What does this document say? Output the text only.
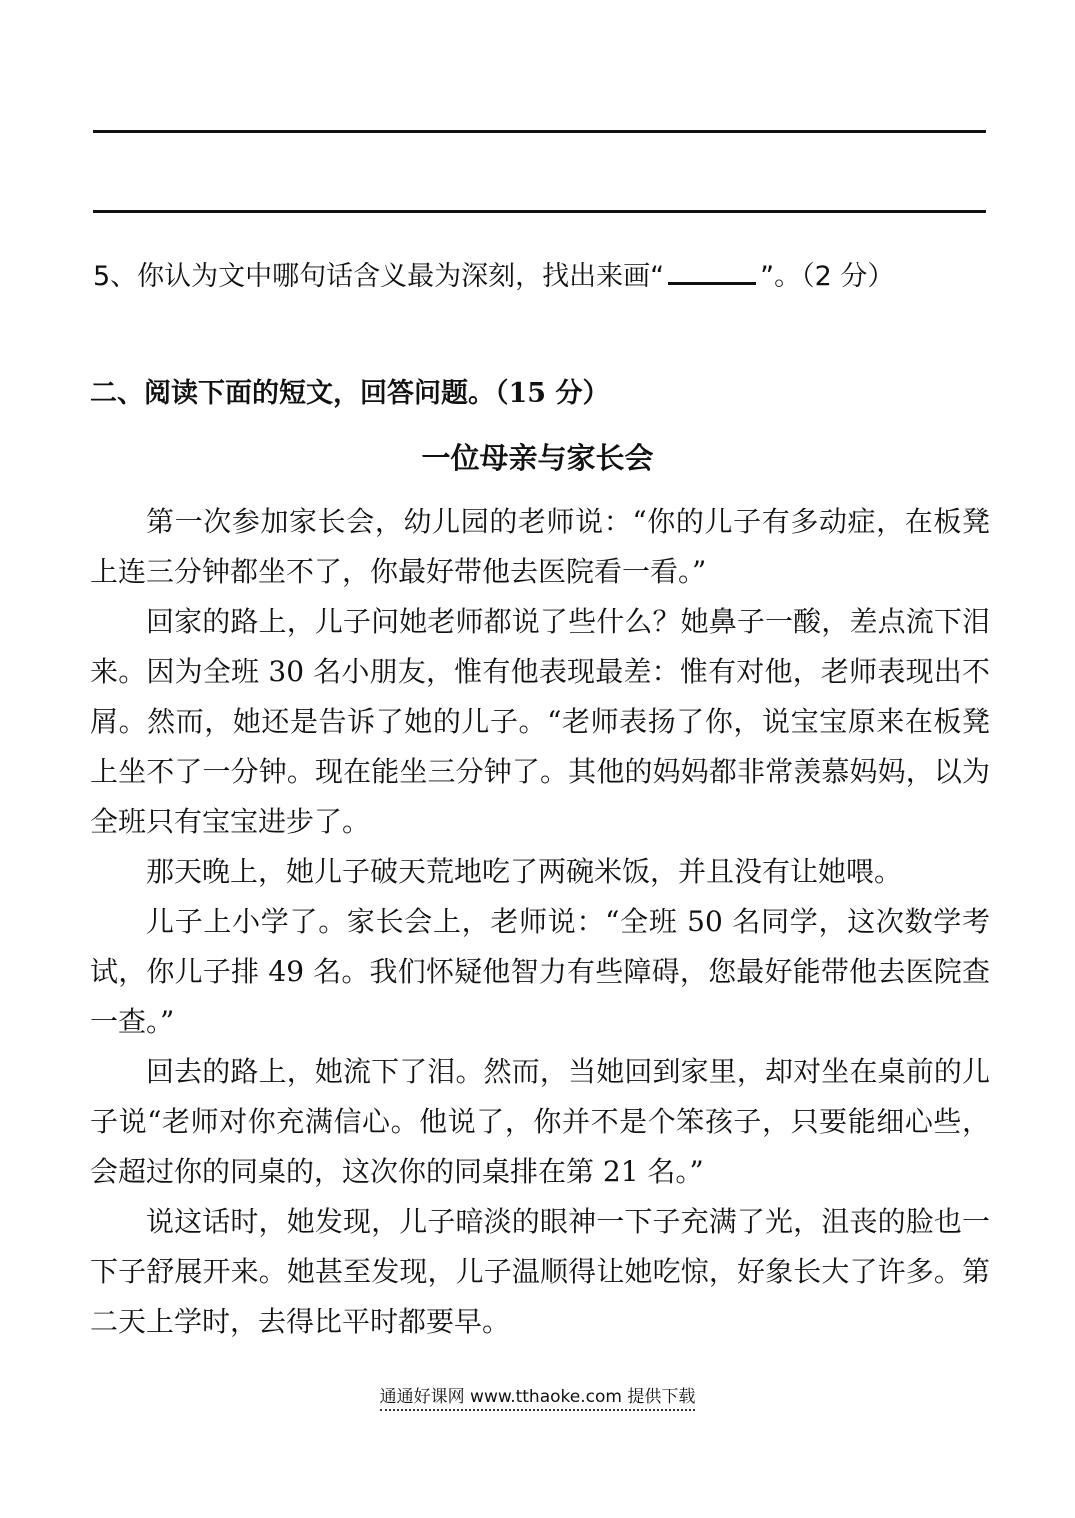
5、你认为文中哪句话含义最为深刻，找出来画“	”。（2 分）
二、阅读下面的短文，回答问题。（15 分）
一位母亲与家长会

第一次参加家长会，幼儿园的老师说：“你的儿子有多动症，在板凳上连三分钟都坐不了，你最好带他去医院看一看。”

回家的路上，儿子问她老师都说了些什么？她鼻子一酸，差点流下泪来。因为全班 30 名小朋友，惟有他表现最差：惟有对他，老师表现出不屑。然而，她还是告诉了她的儿子。“老师表扬了你，说宝宝原来在板凳上坐不了一分钟。现在能坐三分钟了。其他的妈妈都非常羡慕妈妈，以为全班只有宝宝进步了。

那天晚上，她儿子破天荒地吃了两碗米饭，并且没有让她喂。

儿子上小学了。家长会上，老师说：“全班 50 名同学，这次数学考试，你儿子排 49 名。我们怀疑他智力有些障碍，您最好能带他去医院查一查。”

回去的路上，她流下了泪。然而，当她回到家里，却对坐在桌前的儿子说“老师对你充满信心。他说了，你并不是个笨孩子，只要能细心些，会超过你的同桌的，这次你的同桌排在第 21 名。”

说这话时，她发现，儿子暗淡的眼神一下子充满了光，沮丧的脸也一下子舒展开来。她甚至发现，儿子温顺得让她吃惊，好象长大了许多。第二天上学时，去得比平时都要早。

通通好课网 www.tthaoke.com 提供下载
